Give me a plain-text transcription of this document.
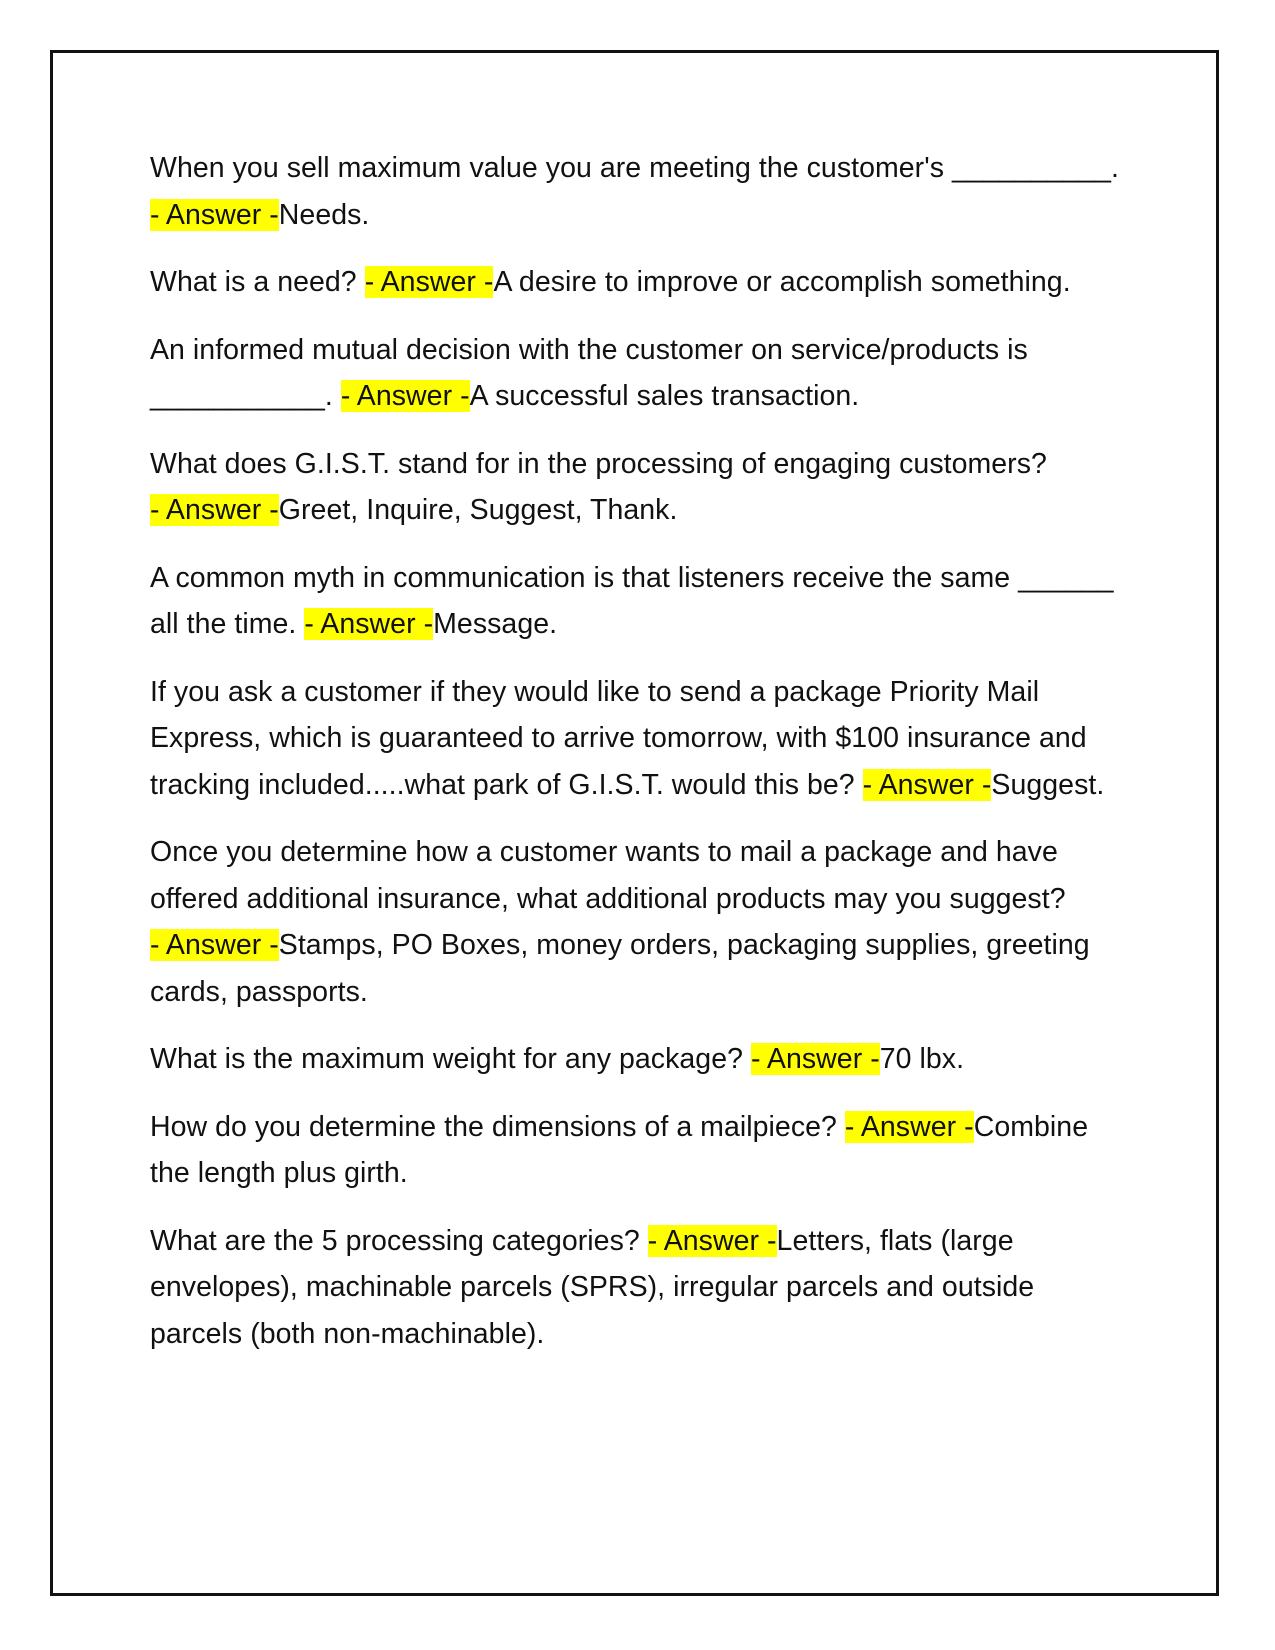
When you sell maximum value you are meeting the customer's __________. - Answer -Needs.

What is a need? - Answer -A desire to improve or accomplish something.

An informed mutual decision with the customer on service/products is ___________. - Answer -A successful sales transaction.

What does G.I.S.T. stand for in the processing of engaging customers? - Answer -Greet, Inquire, Suggest, Thank.

A common myth in communication is that listeners receive the same ______ all the time. - Answer -Message.

If you ask a customer if they would like to send a package Priority Mail Express, which is guaranteed to arrive tomorrow, with $100 insurance and tracking included.....what park of G.I.S.T. would this be? - Answer -Suggest.

Once you determine how a customer wants to mail a package and have offered additional insurance, what additional products may you suggest? - Answer -Stamps, PO Boxes, money orders, packaging supplies, greeting cards, passports.

What is the maximum weight for any package? - Answer -70 lbx.

How do you determine the dimensions of a mailpiece? - Answer -Combine the length plus girth.

What are the 5 processing categories? - Answer -Letters, flats (large envelopes), machinable parcels (SPRS), irregular parcels and outside parcels (both non-machinable).
